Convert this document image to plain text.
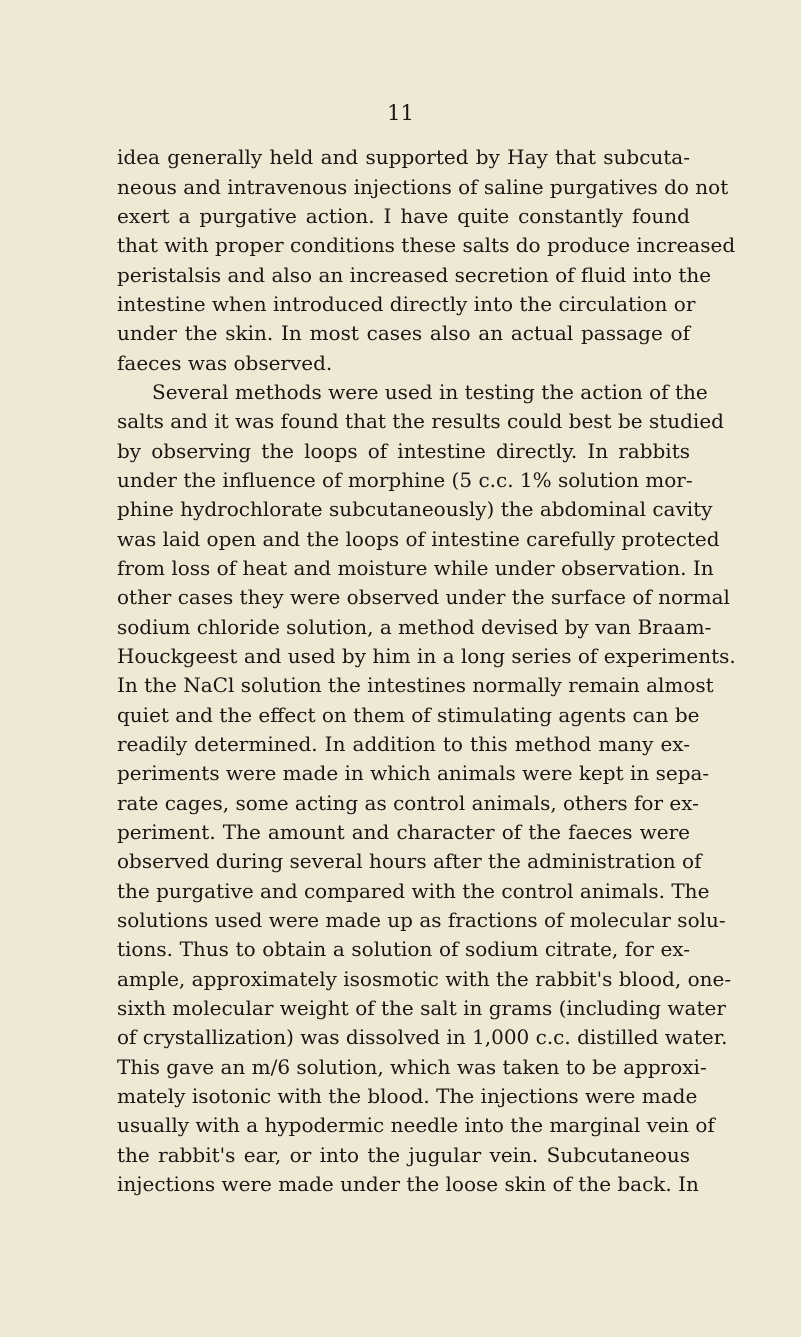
11
idea generally held and supported by Hay that subcuta-
neous and intravenous injections of saline purgatives do not
exert a purgative action. I have quite constantly found
that with proper conditions these salts do produce increased
peristalsis and also an increased secretion of fluid into the
intestine when introduced directly into the circulation or
under the skin. In most cases also an actual passage of
faeces was observed.
Several methods were used in testing the action of the
salts and it was found that the results could best be studied
by observing the loops of intestine directly. In rabbits
under the influence of morphine (5 c.c. 1% solution mor-
phine hydrochlorate subcutaneously) the abdominal cavity
was laid open and the loops of intestine carefully protected
from loss of heat and moisture while under observation. In
other cases they were observed under the surface of normal
sodium chloride solution, a method devised by van Braam-
Houckgeest and used by him in a long series of experiments.
In the NaCl solution the intestines normally remain almost
quiet and the effect on them of stimulating agents can be
readily determined. In addition to this method many ex-
periments were made in which animals were kept in sepa-
rate cages, some acting as control animals, others for ex-
periment. The amount and character of the faeces were
observed during several hours after the administration of
the purgative and compared with the control animals. The
solutions used were made up as fractions of molecular solu-
tions. Thus to obtain a solution of sodium citrate, for ex-
ample, approximately isosmotic with the rabbit's blood, one-
sixth molecular weight of the salt in grams (including water
of crystallization) was dissolved in 1,000 c.c. distilled water.
This gave an m/6 solution, which was taken to be approxi-
mately isotonic with the blood. The injections were made
usually with a hypodermic needle into the marginal vein of
the rabbit's ear, or into the jugular vein. Subcutaneous
injections were made under the loose skin of the back. In
